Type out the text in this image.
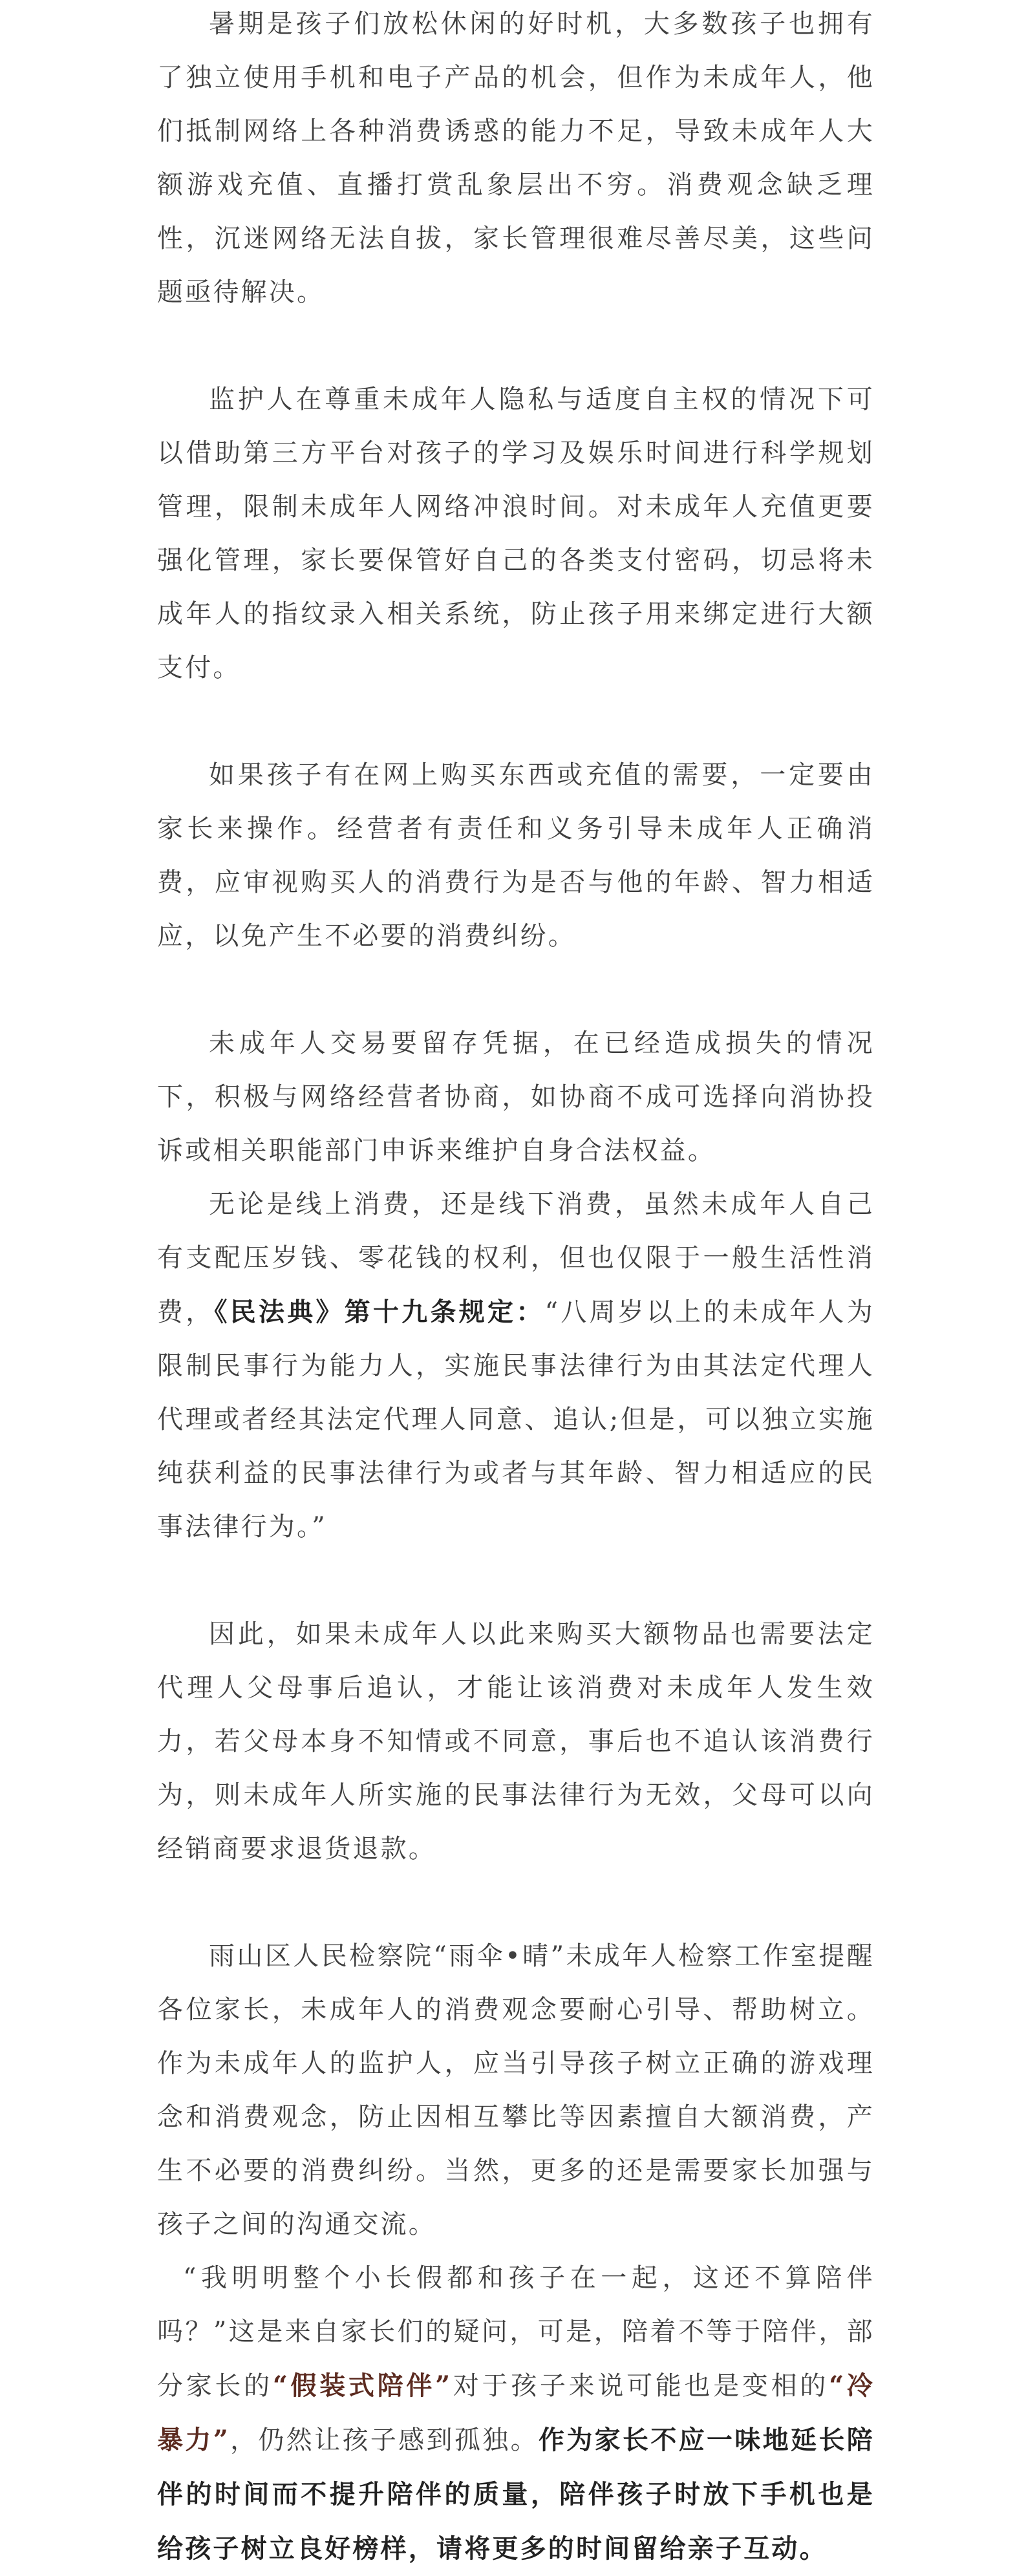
暑期是孩子们放松休闲的好时机，大多数孩子也拥有了独立使用手机和电子产品的机会，但作为未成年人，他们抵制网络上各种消费诱惑的能力不足，导致未成年人大额游戏充值、直播打赏乱象层出不穷。消费观念缺乏理性，沉迷网络无法自拔，家长管理很难尽善尽美，这些问题亟待解决。

监护人在尊重未成年人隐私与适度自主权的情况下可以借助第三方平台对孩子的学习及娱乐时间进行科学规划管理，限制未成年人网络冲浪时间。对未成年人充值更要强化管理，家长要保管好自己的各类支付密码，切忌将未成年人的指纹录入相关系统，防止孩子用来绑定进行大额支付。

如果孩子有在网上购买东西或充值的需要，一定要由家长来操作。经营者有责任和义务引导未成年人正确消费，应审视购买人的消费行为是否与他的年龄、智力相适应，以免产生不必要的消费纠纷。

未成年人交易要留存凭据，在已经造成损失的情况下，积极与网络经营者协商，如协商不成可选择向消协投诉或相关职能部门申诉来维护自身合法权益。

无论是线上消费，还是线下消费，虽然未成年人自己有支配压岁钱、零花钱的权利，但也仅限于一般生活性消费，《民法典》第十九条规定：“八周岁以上的未成年人为限制民事行为能力人，实施民事法律行为由其法定代理人代理或者经其法定代理人同意、追认;但是，可以独立实施纯获利益的民事法律行为或者与其年龄、智力相适应的民事法律行为。”

因此，如果未成年人以此来购买大额物品也需要法定代理人父母事后追认，才能让该消费对未成年人发生效力，若父母本身不知情或不同意，事后也不追认该消费行为，则未成年人所实施的民事法律行为无效，父母可以向经销商要求退货退款。

雨山区人民检察院“雨伞•晴”未成年人检察工作室提醒各位家长，未成年人的消费观念要耐心引导、帮助树立。作为未成年人的监护人，应当引导孩子树立正确的游戏理念和消费观念，防止因相互攀比等因素擅自大额消费，产生不必要的消费纠纷。当然，更多的还是需要家长加强与孩子之间的沟通交流。

“我明明整个小长假都和孩子在一起，这还不算陪伴吗？”这是来自家长们的疑问，可是，陪着不等于陪伴，部分家长的“假装式陪伴”对于孩子来说可能也是变相的“冷暴力”，仍然让孩子感到孤独。作为家长不应一味地延长陪伴的时间而不提升陪伴的质量，陪伴孩子时放下手机也是给孩子树立良好榜样，请将更多的时间留给亲子互动。
